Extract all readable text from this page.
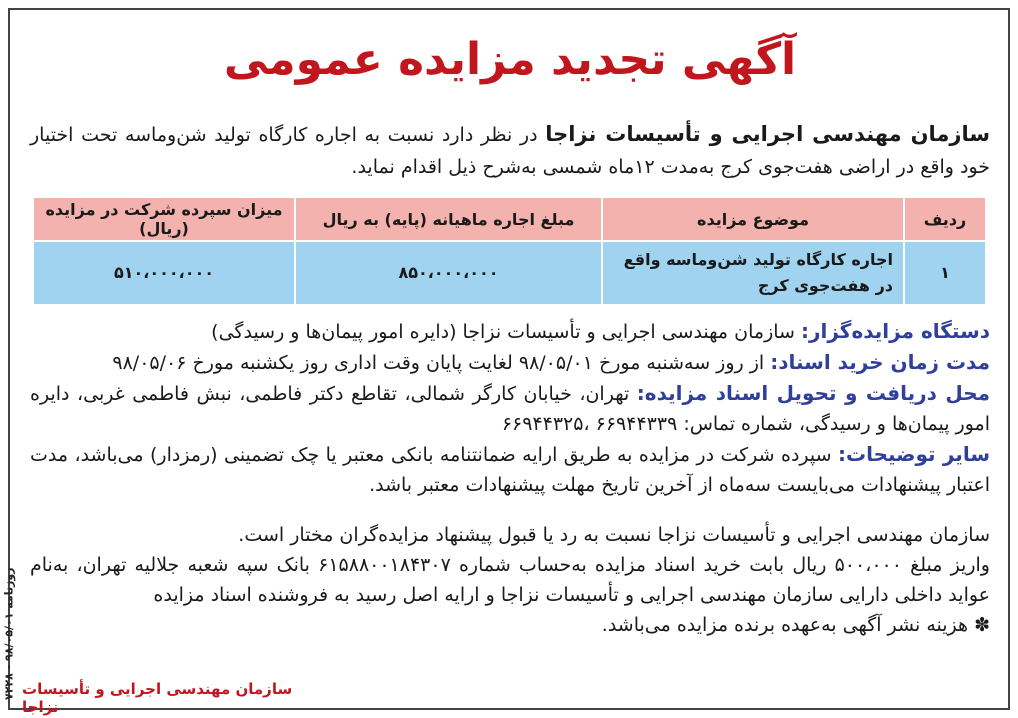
روزنامه ۹۸/۰۵/۰۱ - ۷۲۲۸
آگهی تجدید مزایده عمومی
سازمان مهندسی اجرایی و تأسیسات نزاجا در نظر دارد نسبت به اجاره کارگاه تولید شن‌وماسه تحت اختیار خود واقع در اراضی هفت‌جوی کرج به‌مدت ۱۲ماه شمسی به‌شرح ذیل اقدام نماید.
ردیف	موضوع مزایده	مبلغ اجاره ماهیانه (پایه) به ریال	میزان سپرده شرکت در مزایده (ریال)
۱	اجاره کارگاه تولید شن‌وماسه واقع در هفت‌جوی کرج	۸۵۰،۰۰۰،۰۰۰	۵۱۰،۰۰۰،۰۰۰

دستگاه مزایده‌گزار: سازمان مهندسی اجرایی و تأسیسات نزاجا (دایره امور پیمان‌ها و رسیدگی)

مدت زمان خرید اسناد: از روز سه‌شنبه مورخ ۹۸/۰۵/۰۱ لغایت پایان وقت اداری روز یکشنبه مورخ ۹۸/۰۵/۰۶

محل دریافت و تحویل اسناد مزایده: تهران، خیابان کارگر شمالی، تقاطع دکتر فاطمی، نبش فاطمی غربی، دایره امور پیمان‌ها و رسیدگی، شماره تماس: ۶۶۹۴۴۳۳۹ ،۶۶۹۴۴۳۲۵

سایر توضیحات: سپرده شرکت در مزایده به طریق ارایه ضمانتنامه بانکی معتبر یا چک تضمینی (رمزدار) می‌باشد، مدت اعتبار پیشنهادات می‌بایست سه‌ماه از آخرین تاریخ مهلت پیشنهادات معتبر باشد.

سازمان مهندسی اجرایی و تأسیسات نزاجا نسبت به رد یا قبول پیشنهاد مزایده‌گران مختار است.

واریز مبلغ ۵۰۰،۰۰۰ ریال بابت خرید اسناد مزایده به‌حساب شماره ۶۱۵۸۸۰۰۱۸۴۳۰۷ بانک سپه شعبه جلالیه تهران، به‌نام عواید داخلی دارایی سازمان مهندسی اجرایی و تأسیسات نزاجا و ارایه اصل رسید به فروشنده اسناد مزایده

✽ هزینه نشر آگهی به‌عهده برنده مزایده می‌باشد.

سازمان مهندسی اجرایی و تأسیسات نزاجا
